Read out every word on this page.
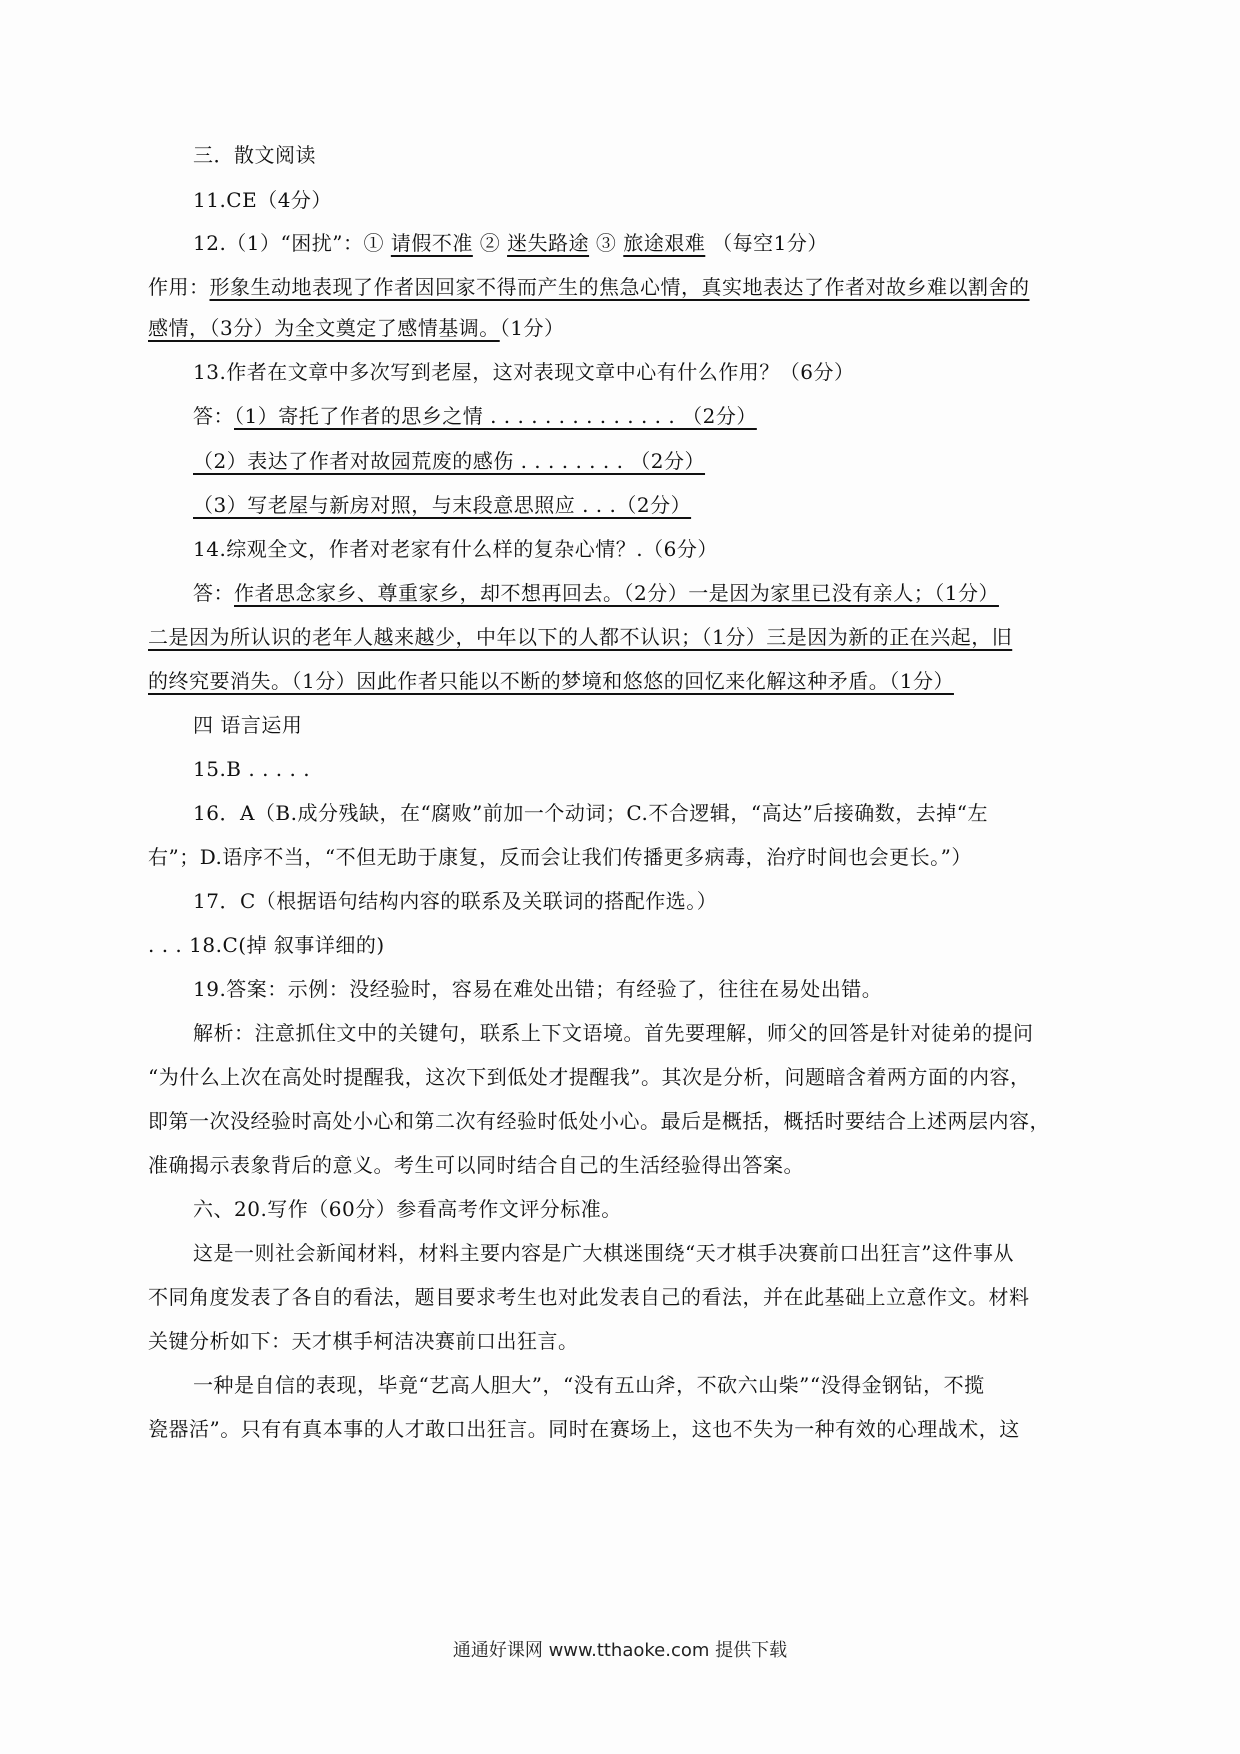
三．散文阅读
11.CE（4分）
12.（1）“困扰”：① 请假不准 ② 迷失路途 ③ 旅途艰难 （每空1分）
作用：形象生动地表现了作者因回家不得而产生的焦急心情，真实地表达了作者对故乡难以割舍的
感情，（3分）为全文奠定了感情基调。（1分）
13.作者在文章中多次写到老屋，这对表现文章中心有什么作用？（6分）
答：（1）寄托了作者的思乡之情 . . . . . . . . . . . . . . （2分）
（2）表达了作者对故园荒废的感伤 . . . . . . . . （2分）
（3）写老屋与新房对照，与末段意思照应 . . .（2分）
14.综观全文，作者对老家有什么样的复杂心情？.（6分）
答：作者思念家乡、尊重家乡，却不想再回去。（2分）一是因为家里已没有亲人；（1分）
二是因为所认识的老年人越来越少，中年以下的人都不认识；（1分）三是因为新的正在兴起，旧
的终究要消失。（1分）因此作者只能以不断的梦境和悠悠的回忆来化解这种矛盾。（1分）
四 语言运用
15.B . . . . .
16．A（B.成分残缺，在“腐败”前加一个动词；C.不合逻辑，“高达”后接确数，去掉“左
右”；D.语序不当，“不但无助于康复，反而会让我们传播更多病毒，治疗时间也会更长。”）
17．C（根据语句结构内容的联系及关联词的搭配作选。）
. . . 18.C(掉 叙事详细的)
19.答案：示例：没经验时，容易在难处出错；有经验了，往往在易处出错。
解析：注意抓住文中的关键句，联系上下文语境。首先要理解，师父的回答是针对徒弟的提问
“为什么上次在高处时提醒我，这次下到低处才提醒我”。其次是分析，问题暗含着两方面的内容，
即第一次没经验时高处小心和第二次有经验时低处小心。最后是概括，概括时要结合上述两层内容，
准确揭示表象背后的意义。考生可以同时结合自己的生活经验得出答案。
六、20.写作（60分）参看高考作文评分标准。
这是一则社会新闻材料，材料主要内容是广大棋迷围绕“天才棋手决赛前口出狂言”这件事从
不同角度发表了各自的看法，题目要求考生也对此发表自己的看法，并在此基础上立意作文。材料
关键分析如下：天才棋手柯洁决赛前口出狂言。
一种是自信的表现，毕竟“艺高人胆大”，“没有五山斧，不砍六山柴”“没得金钢钻，不揽
瓷器活”。只有有真本事的人才敢口出狂言。同时在赛场上，这也不失为一种有效的心理战术，这
通通好课网 www.tthaoke.com 提供下载
